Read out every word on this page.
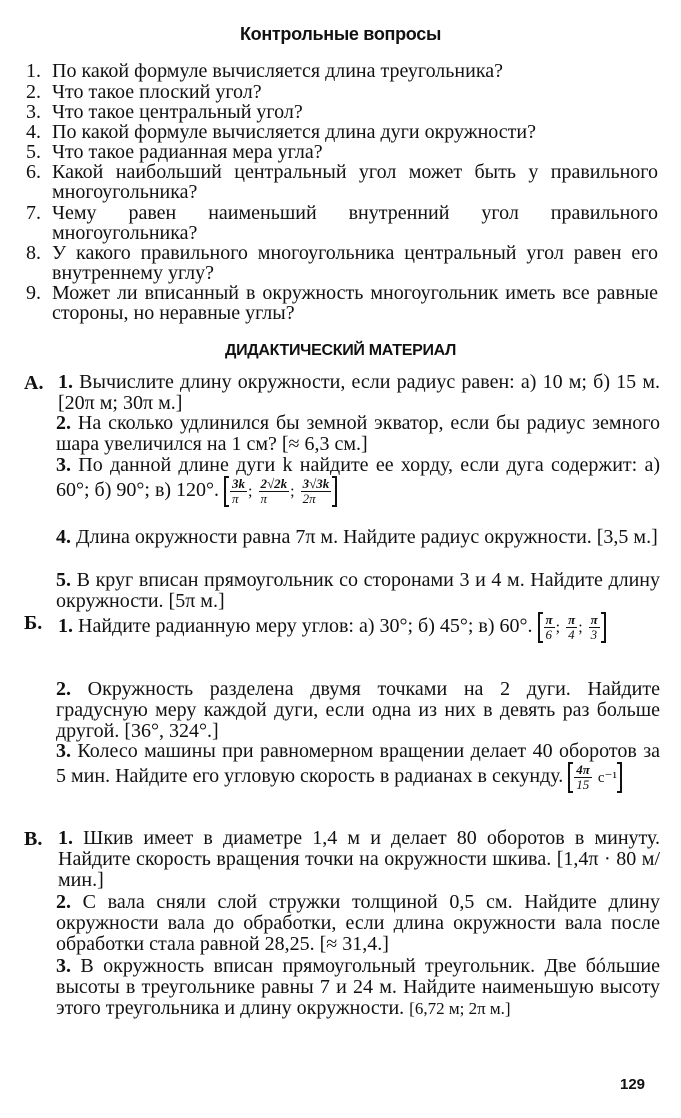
Контрольные вопросы
1. По какой формуле вычисляется длина треугольника?
2. Что такое плоский угол?
3. Что такое центральный угол?
4. По какой формуле вычисляется длина дуги окружности?
5. Что такое радианная мера угла?
6. Какой наибольший центральный угол может быть у правильного многоугольника?
7. Чему равен наименьший внутренний угол правильного многоугольника?
8. У какого правильного многоугольника центральный угол равен его внутреннему углу?
9. Может ли вписанный в окружность многоугольник иметь все равные стороны, но неравные углы?
ДИДАКТИЧЕСКИЙ МАТЕРИАЛ
А. 1. Вычислите длину окружности, если радиус равен: а) 10 м; б) 15 м. [20π м; 30π м.]
2. На сколько удлинился бы земной экватор, если бы радиус земного шара увеличился на 1 см? [≈ 6,3 см.]
3. По данной длине дуги k найдите ее хорду, если дуга содержит: а) 60°; б) 90°; в) 120°. $\frac{3k}{\pi}$ ; $\frac{2√2k}{\pi}$ ; $\frac{3√3k}{2\pi}$
4. Длина окружности равна 7π м. Найдите радиус окружности. [3,5 м.]
5. В круг вписан прямоугольник со сторонами 3 и 4 м. Найдите длину окружности. [5π м.]
Б. 1. Найдите радианную меру углов: а) 30°; б) 45°; в) 60°. $\frac{\pi}{6}$ ; $\frac{\pi}{4}$ ; $\frac{\pi}{3}$
2. Окружность разделена двумя точками на 2 дуги. Найдите градусную меру каждой дуги, если одна из них в девять раз больше другой. [36°, 324°.]
3. Колесо машины при равномерном вращении делает 40 оборотов за 5 мин. Найдите его угловую скорость в радианах в секунду. $\frac{4\pi}{15} с^{-1}$
В. 1. Шкив имеет в диаметре 1,4 м и делает 80 оборотов в минуту. Найдите скорость вращения точки на окружности шкива. [1,4π · 80 м/мин.]
2. С вала сняли слой стружки толщиной 0,5 см. Найдите длину окружности вала до обработки, если длина окружности вала после обработки стала равной 28,25. [≈ 31,4.]
3. В окружность вписан прямоугольный треугольник. Две бóльшие высоты в треугольнике равны 7 и 24 м. Найдите наименьшую высоту этого треугольника и длину окружности. [6,72 м; 2π м.]
129
